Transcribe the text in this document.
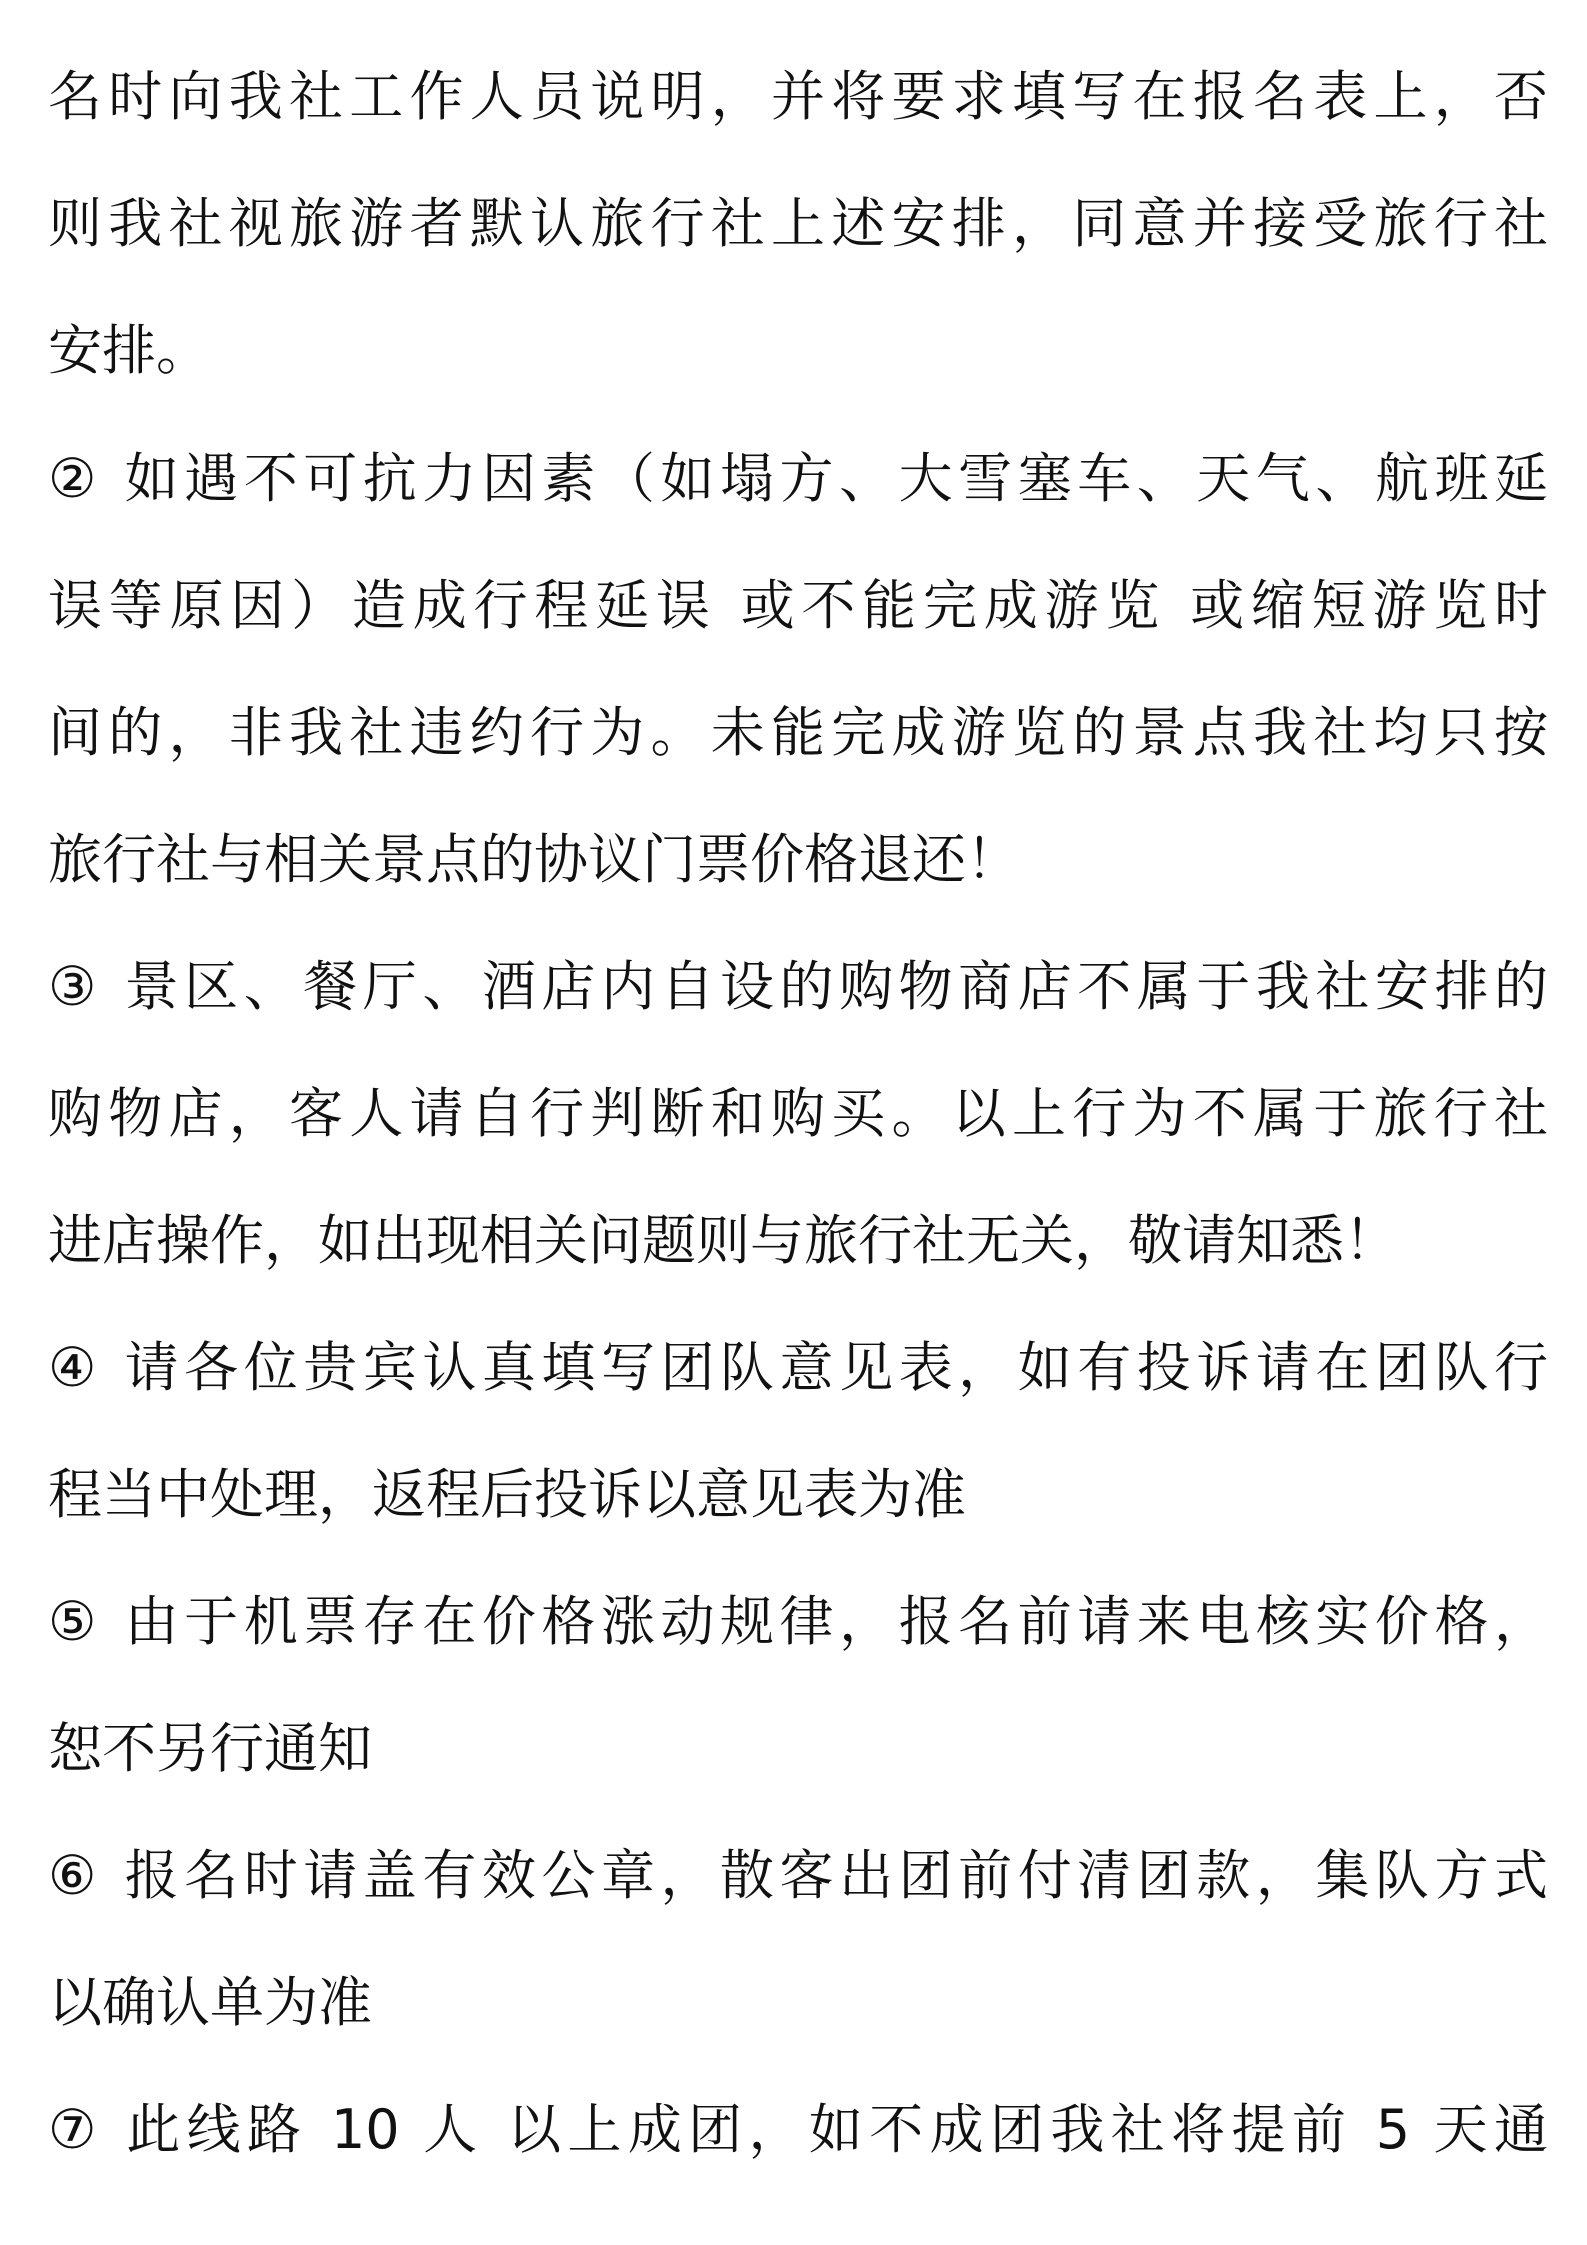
名时向我社工作人员说明，并将要求填写在报名表上，否
则我社视旅游者默认旅行社上述安排，同意并接受旅行社
安排。
② 如遇不可抗力因素（如塌方、大雪塞车、天气、航班延
误等原因）造成行程延误 或不能完成游览 或缩短游览时
间的，非我社违约行为。未能完成游览的景点我社均只按
旅行社与相关景点的协议门票价格退还！
③ 景区、餐厅、酒店内自设的购物商店不属于我社安排的
购物店，客人请自行判断和购买。以上行为不属于旅行社
进店操作，如出现相关问题则与旅行社无关，敬请知悉！
④ 请各位贵宾认真填写团队意见表，如有投诉请在团队行
程当中处理，返程后投诉以意见表为准
⑤ 由于机票存在价格涨动规律，报名前请来电核实价格，
恕不另行通知
⑥ 报名时请盖有效公章，散客出团前付清团款，集队方式
以确认单为准
⑦ 此线路 10 人 以上成团，如不成团我社将提前 5 天通
